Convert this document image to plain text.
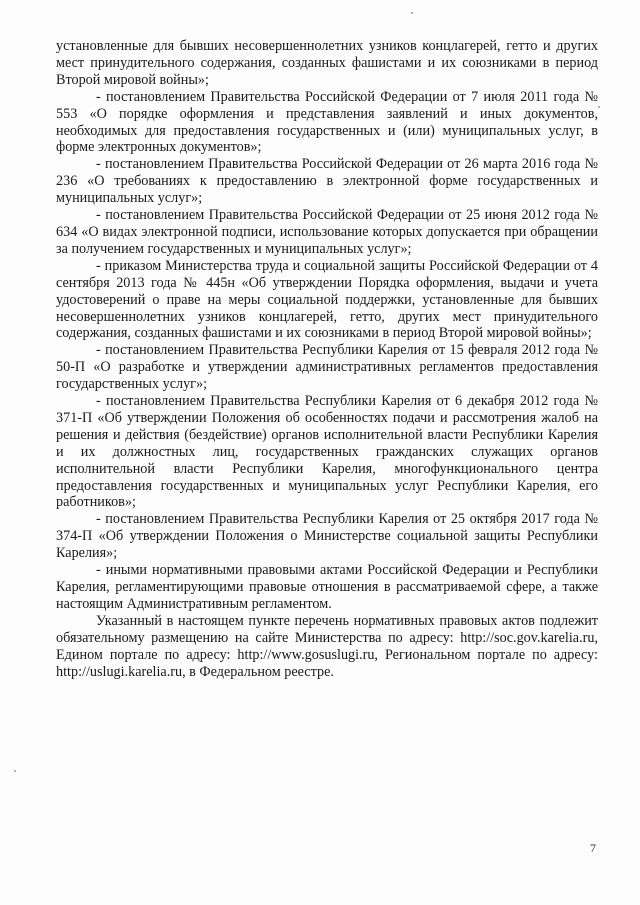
установленные для бывших несовершеннолетних узников концлагерей, гетто и других мест принудительного содержания, созданных фашистами и их союзниками в период Второй мировой войны»;

- постановлением Правительства Российской Федерации от 7 июля 2011 года № 553 «О порядке оформления и представления заявлений и иных документов, необходимых для предоставления государственных и (или) муниципальных услуг, в форме электронных документов»;

- постановлением Правительства Российской Федерации от 26 марта 2016 года № 236 «О требованиях к предоставлению в электронной форме государственных и муниципальных услуг»;

- постановлением Правительства Российской Федерации от 25 июня 2012 года № 634 «О видах электронной подписи, использование которых допускается при обращении за получением государственных и муниципальных услуг»;

- приказом Министерства труда и социальной защиты Российской Федерации от 4 сентября 2013 года № 445н «Об утверждении Порядка оформления, выдачи и учета удостоверений о праве на меры социальной поддержки, установленные для бывших несовершеннолетних узников концлагерей, гетто, других мест принудительного содержания, созданных фашистами и их союзниками в период Второй мировой войны»;

- постановлением Правительства Республики Карелия от 15 февраля 2012 года № 50-П «О разработке и утверждении административных регламентов предоставления государственных услуг»;

- постановлением Правительства Республики Карелия от 6 декабря 2012 года № 371-П «Об утверждении Положения об особенностях подачи и рассмотрения жалоб на решения и действия (бездействие) органов исполнительной власти Республики Карелия и их должностных лиц, государственных гражданских служащих органов исполнительной власти Республики Карелия, многофункционального центра предоставления государственных и муниципальных услуг Республики Карелия, его работников»;

- постановлением Правительства Республики Карелия от 25 октября 2017 года № 374-П «Об утверждении Положения о Министерстве социальной защиты Республики Карелия»;

- иными нормативными правовыми актами Российской Федерации и Республики Карелия, регламентирующими правовые отношения в рассматриваемой сфере, а также настоящим Административным регламентом.

Указанный в настоящем пункте перечень нормативных правовых актов подлежит обязательному размещению на сайте Министерства по адресу: http://soc.gov.karelia.ru, Едином портале по адресу: http://www.gosuslugi.ru, Региональном портале по адресу: http://uslugi.karelia.ru, в Федеральном реестре.

7
